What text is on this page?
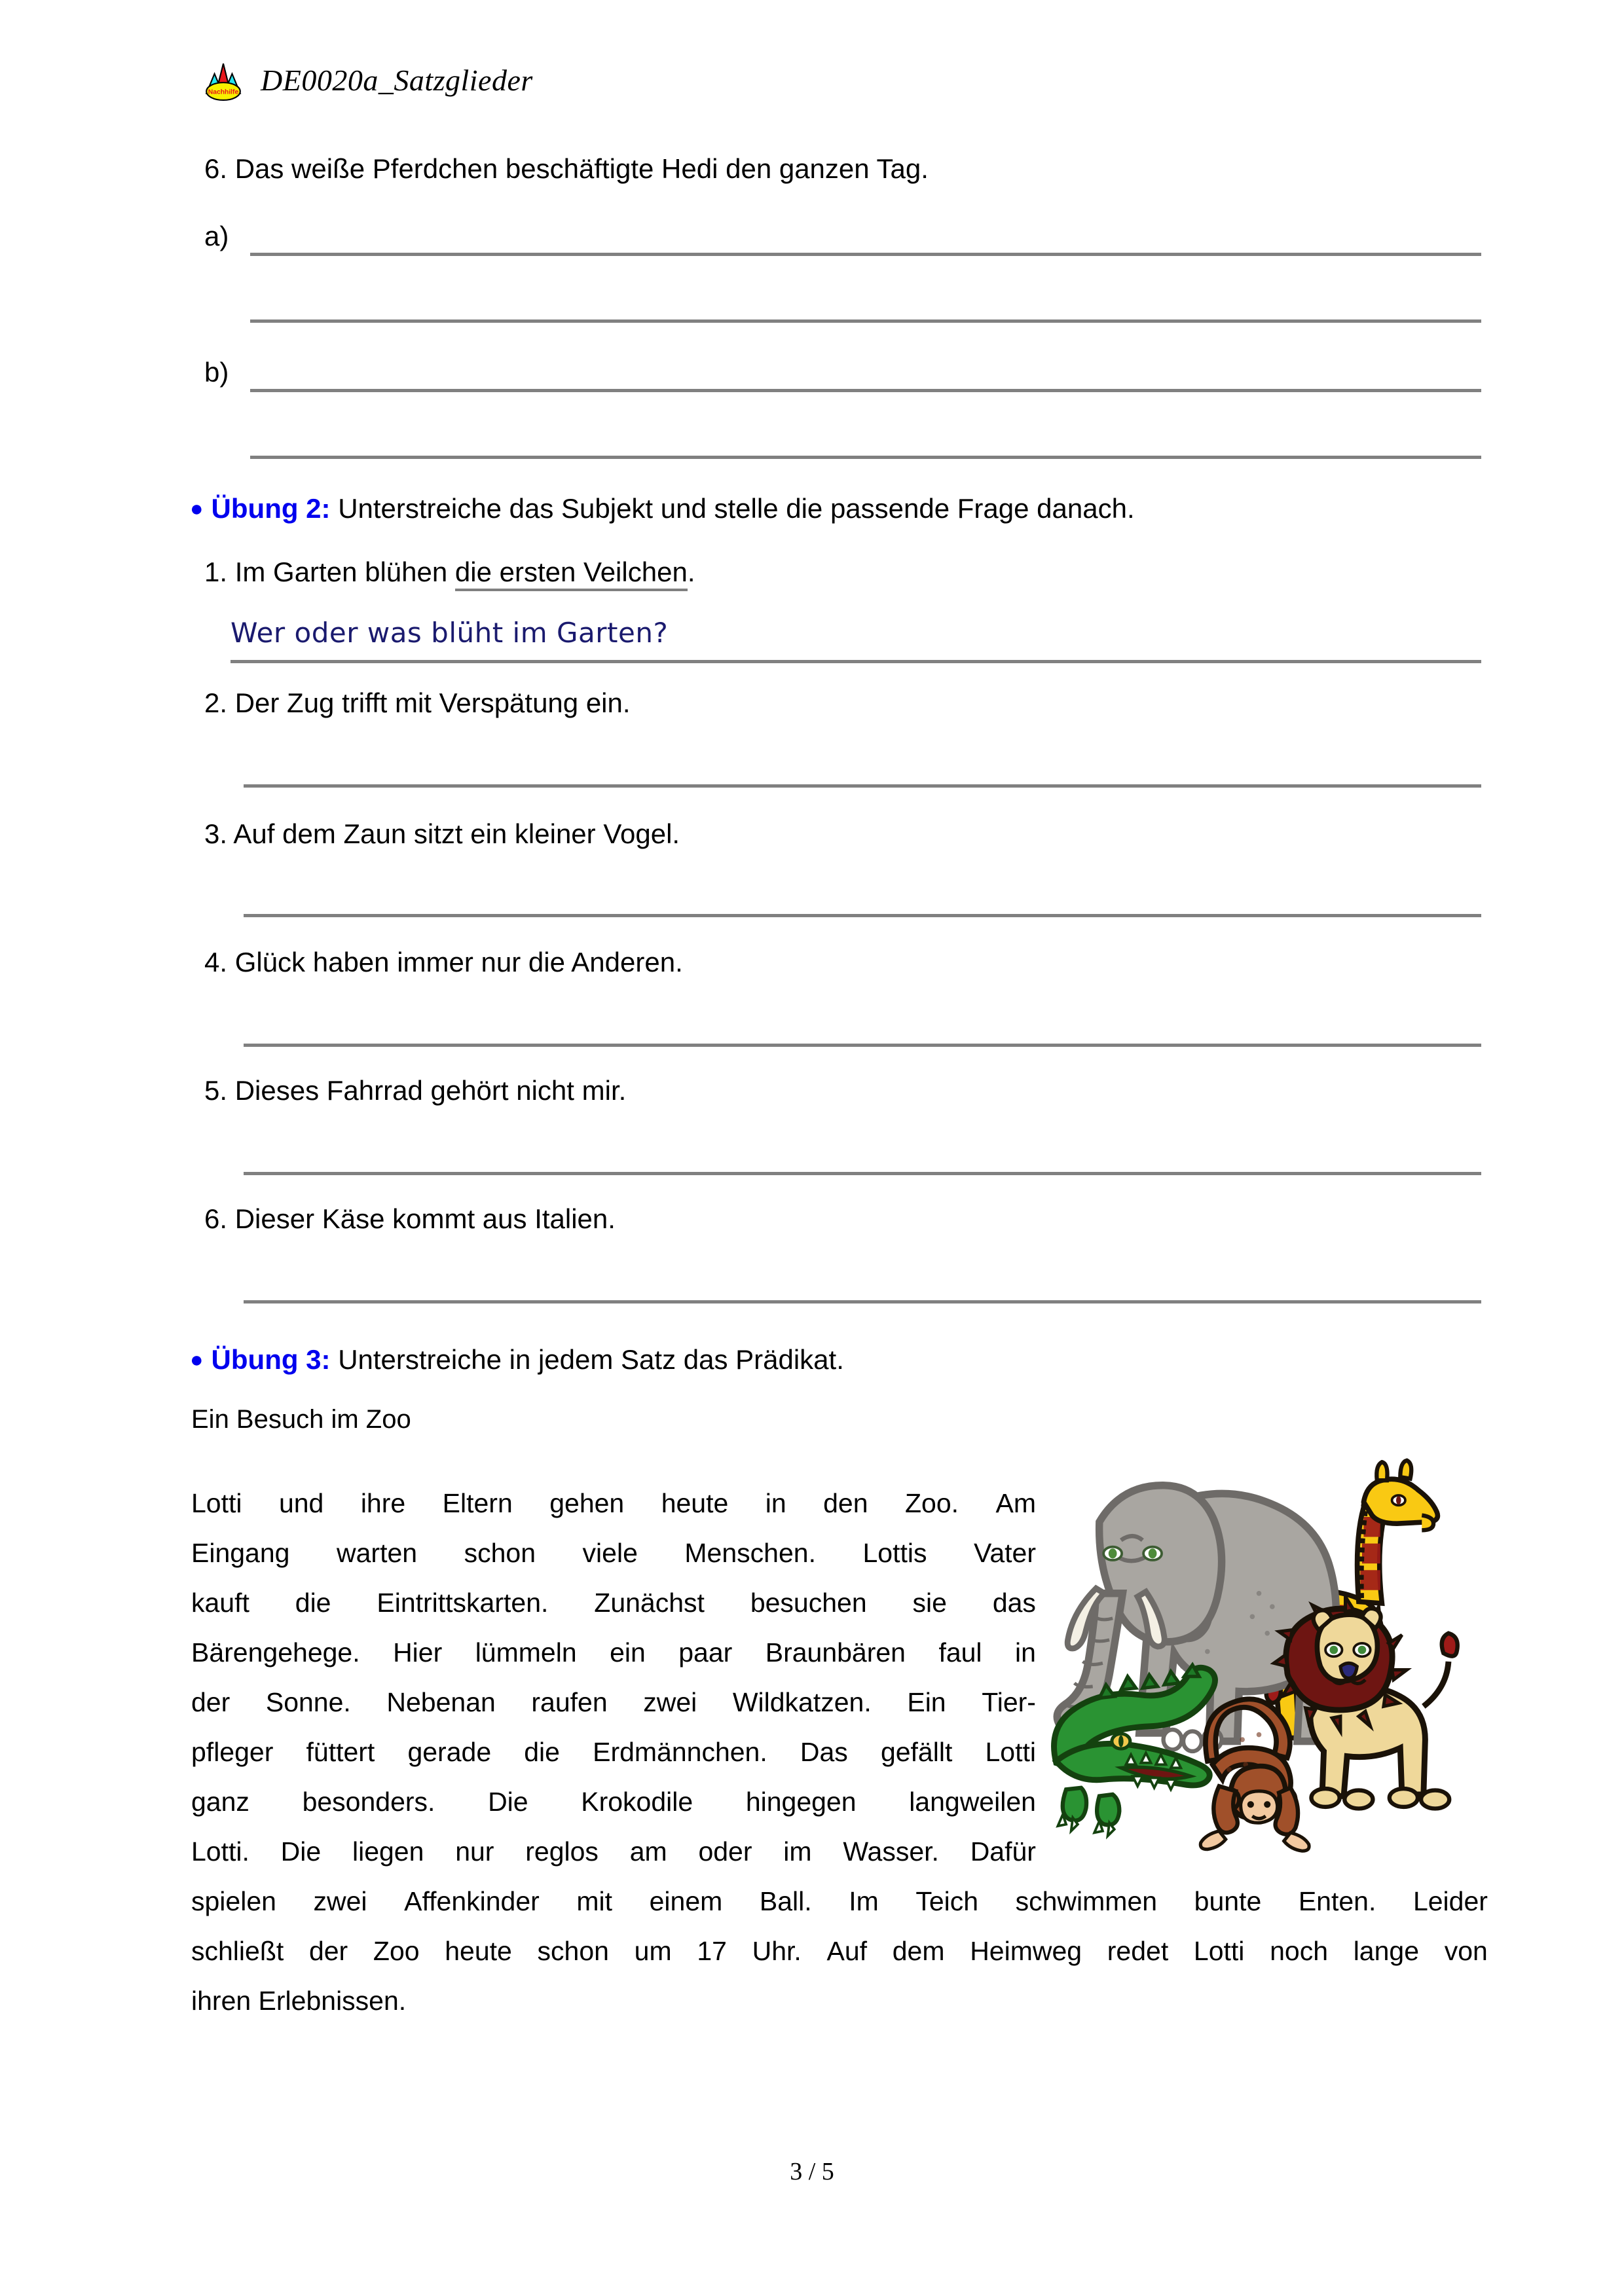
Nachhilfe DE0020a_Satzglieder
6. Das weiße Pferdchen beschäftigte Hedi den ganzen Tag.
a)
b)
● Übung 2: Unterstreiche das Subjekt und stelle die passende Frage danach.
1. Im Garten blühen die ersten Veilchen.
Wer oder was blüht im Garten?
2. Der Zug trifft mit Verspätung ein.
3. Auf dem Zaun sitzt ein kleiner Vogel.
4. Glück haben immer nur die Anderen.
5. Dieses Fahrrad gehört nicht mir.
6. Dieser Käse kommt aus Italien.
● Übung 3: Unterstreiche in jedem Satz das Prädikat.
Ein Besuch im Zoo
Lotti und ihre Eltern gehen heute in den Zoo. Am
Eingang warten schon viele Menschen. Lottis Vater
kauft die Eintrittskarten. Zunächst besuchen sie das
Bärengehege. Hier lümmeln ein paar Braunbären faul in
der Sonne. Nebenan raufen zwei Wildkatzen. Ein Tier-
pfleger füttert gerade die Erdmännchen. Das gefällt Lotti
ganz besonders. Die Krokodile hingegen langweilen
Lotti. Die liegen nur reglos am oder im Wasser. Dafür
spielen zwei Affenkinder mit einem Ball. Im Teich schwimmen bunte Enten. Leider
schließt der Zoo heute schon um 17 Uhr. Auf dem Heimweg redet Lotti noch lange von
ihren Erlebnissen.
3 / 5
